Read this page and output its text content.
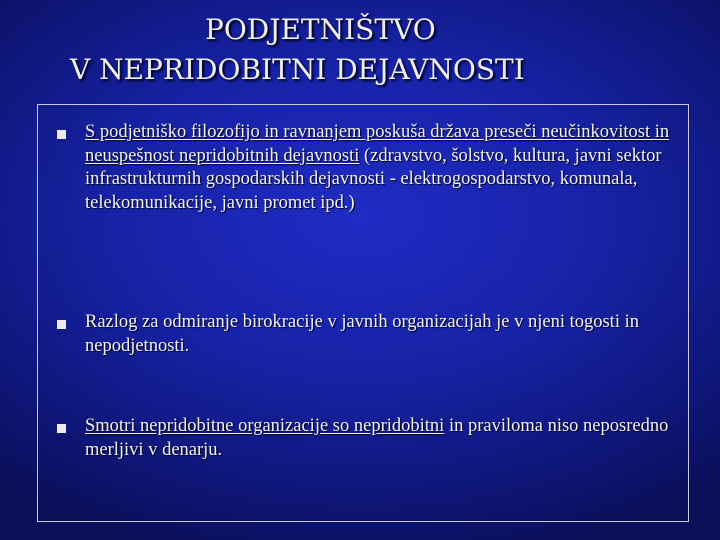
PODJETNIŠTVO
V NEPRIDOBITNI DEJAVNOSTI
S podjetniško filozofijo in ravnanjem poskuša država preseči neučinkovitost in neuspešnost nepridobitnih dejavnosti (zdravstvo, šolstvo, kultura, javni sektor infrastrukturnih gospodarskih dejavnosti - elektrogospodarstvo, komunala, telekomunikacije, javni promet ipd.)
Razlog za odmiranje birokracije v javnih organizacijah je v njeni togosti in nepodjetnosti.
Smotri nepridobitne organizacije so nepridobitni in praviloma niso neposredno merljivi v denarju.
